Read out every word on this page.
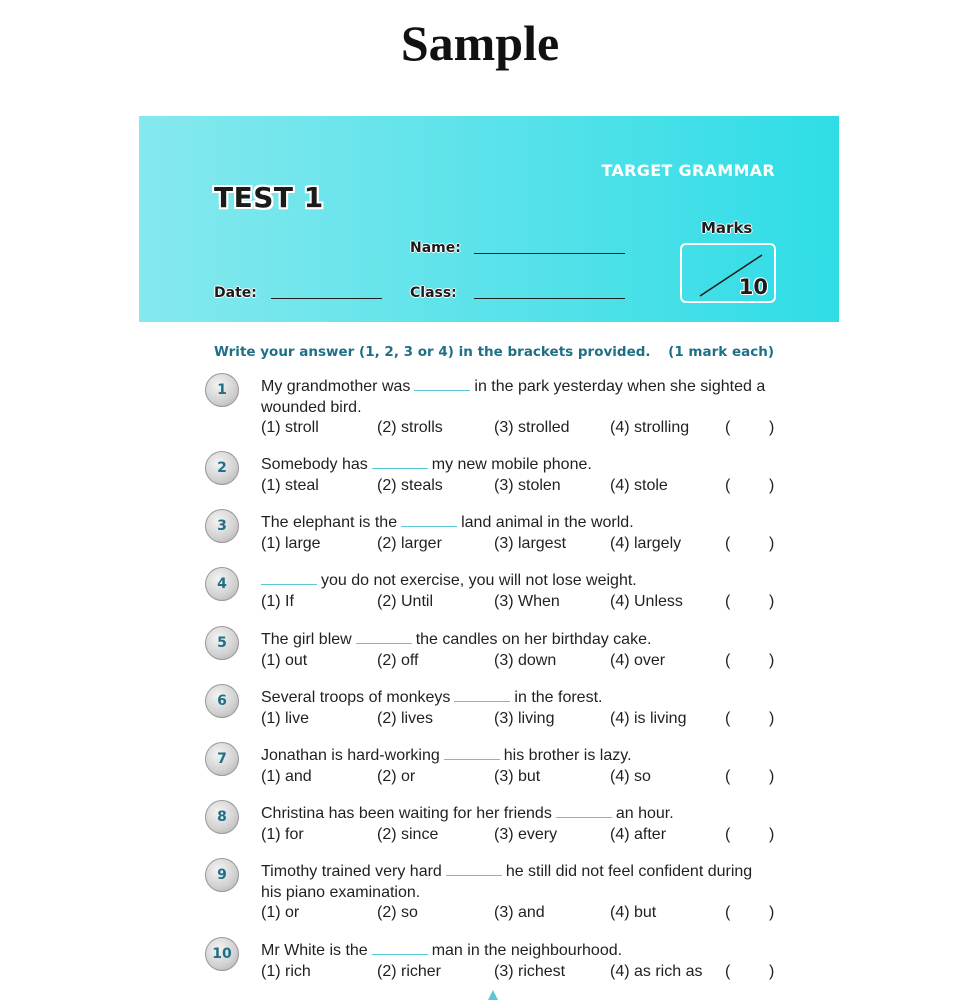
Sample
TEST 1
TARGET GRAMMAR
Name:
Date:	Class:
Marks
10
Write your answer (1, 2, 3 or 4) in the brackets provided. (1 mark each)
1	My grandmother was	in the park yesterday when she sighted a wounded bird.
(1) stroll	(2) strolls	(3) strolled	(4) strolling ( )
2	Somebody has	my new mobile phone.
(1) steal	(2) steals	(3) stolen	(4) stole	( )
3	The elephant is the	land animal in the world.
(1) large	(2) larger	(3) largest	(4) largely	( )
4	you do not exercise, you will not lose weight.
(1) If	(2) Until	(3) When	(4) Unless	( )
5	The girl blew	the candles on her birthday cake.
(1) out	(2) off	(3) down	(4) over	( )
6	Several troops of monkeys	in the forest.
(1) live	(2) lives	(3) living	(4) is living ( )
7	Jonathan is hard-working	his brother is lazy.
(1) and	(2) or	(3) but	(4) so	( )
8	Christina has been waiting for her friends	an hour.
(1) for	(2) since	(3) every	(4) after	( )
9	Timothy trained very hard	he still did not feel confident during his piano examination.
(1) or	(2) so	(3) and	(4) but	( )
10	Mr White is the	man in the neighbourhood.
(1) rich	(2) richer	(3) richest	(4) as rich as ( )
